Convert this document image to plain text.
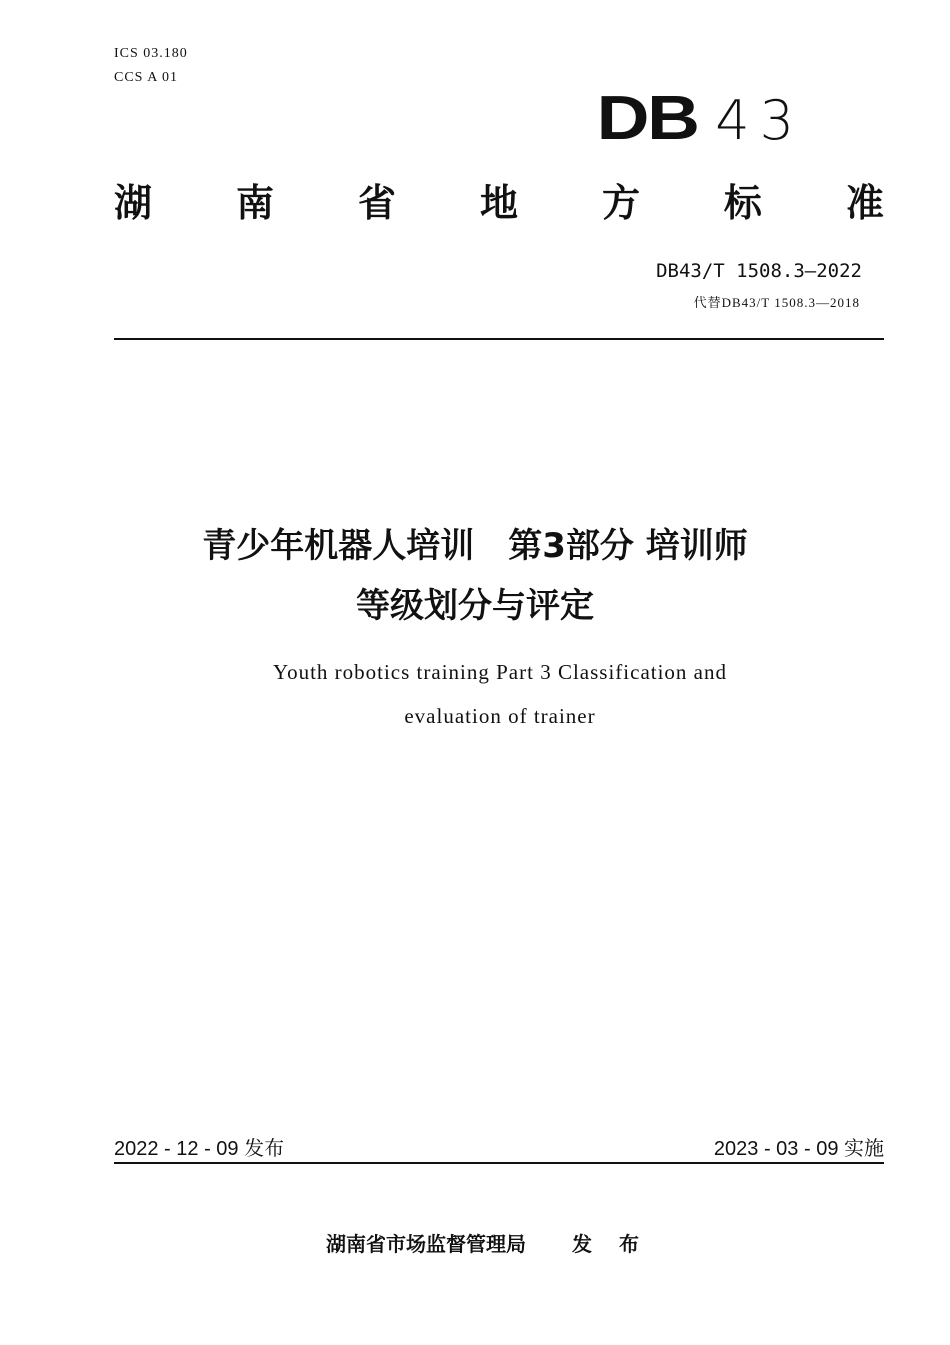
ICS 03.180
CCS A 01
DB 43
湖 南 省 地 方 标 准
DB43/T 1508.3—2022
代替DB43/T 1508.3—2018
青少年机器人培训　第3部分 培训师
等级划分与评定
Youth robotics training Part 3 Classification and
evaluation of trainer
2022 - 12 - 09 发布	2023 - 03 - 09 实施
湖南省市场监督管理局 发 布
